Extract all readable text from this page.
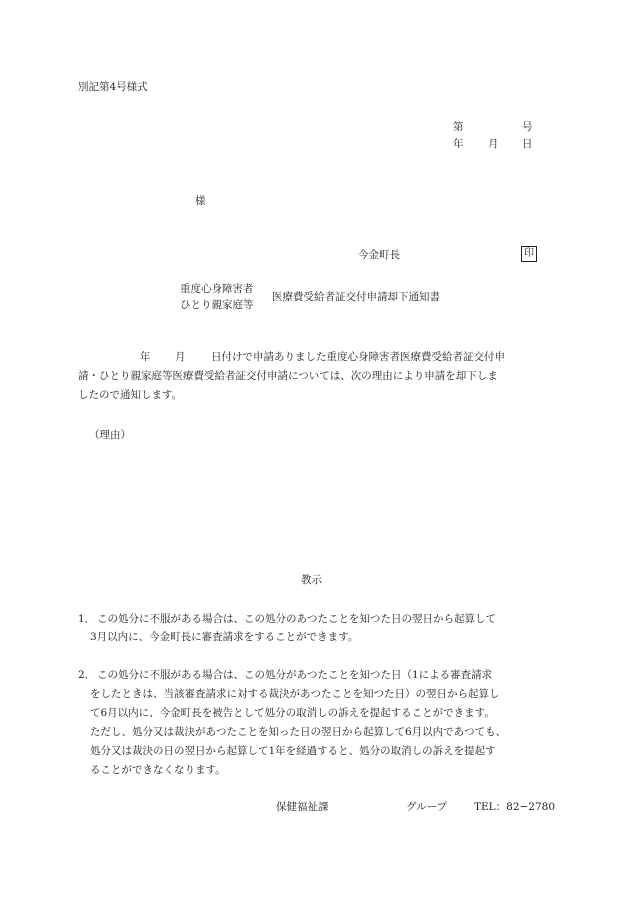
別記第4号様式
第	号
年 月 日
様
今金町長	印
重度心身障害者
ひとり親家庭等
医療費受給者証交付申請却下通知書
年 月 日付けで申請ありました重度心身障害者医療費受給者証交付申
請・ひとり親家庭等医療費受給者証交付申請については、次の理由により申請を却下しま
したので通知します。
（理由）
教示
1． この処分に不服がある場合は、この処分のあつたことを知つた日の翌日から起算して
3月以内に、今金町長に審査請求をすることができます。
2． この処分に不服がある場合は、この処分があつたことを知つた日（1による審査請求
をしたときは、当該審査請求に対する裁決があつたことを知つた日）の翌日から起算し
て6月以内に、今金町長を被告として処分の取消しの訴えを提起することができます。
ただし、処分又は裁決があつたことを知った日の翌日から起算して6月以内であつても、
処分又は裁決の日の翌日から起算して1年を経過すると、処分の取消しの訴えを提起す
ることができなくなります。
保健福祉課	グループ	TEL：82−2780
